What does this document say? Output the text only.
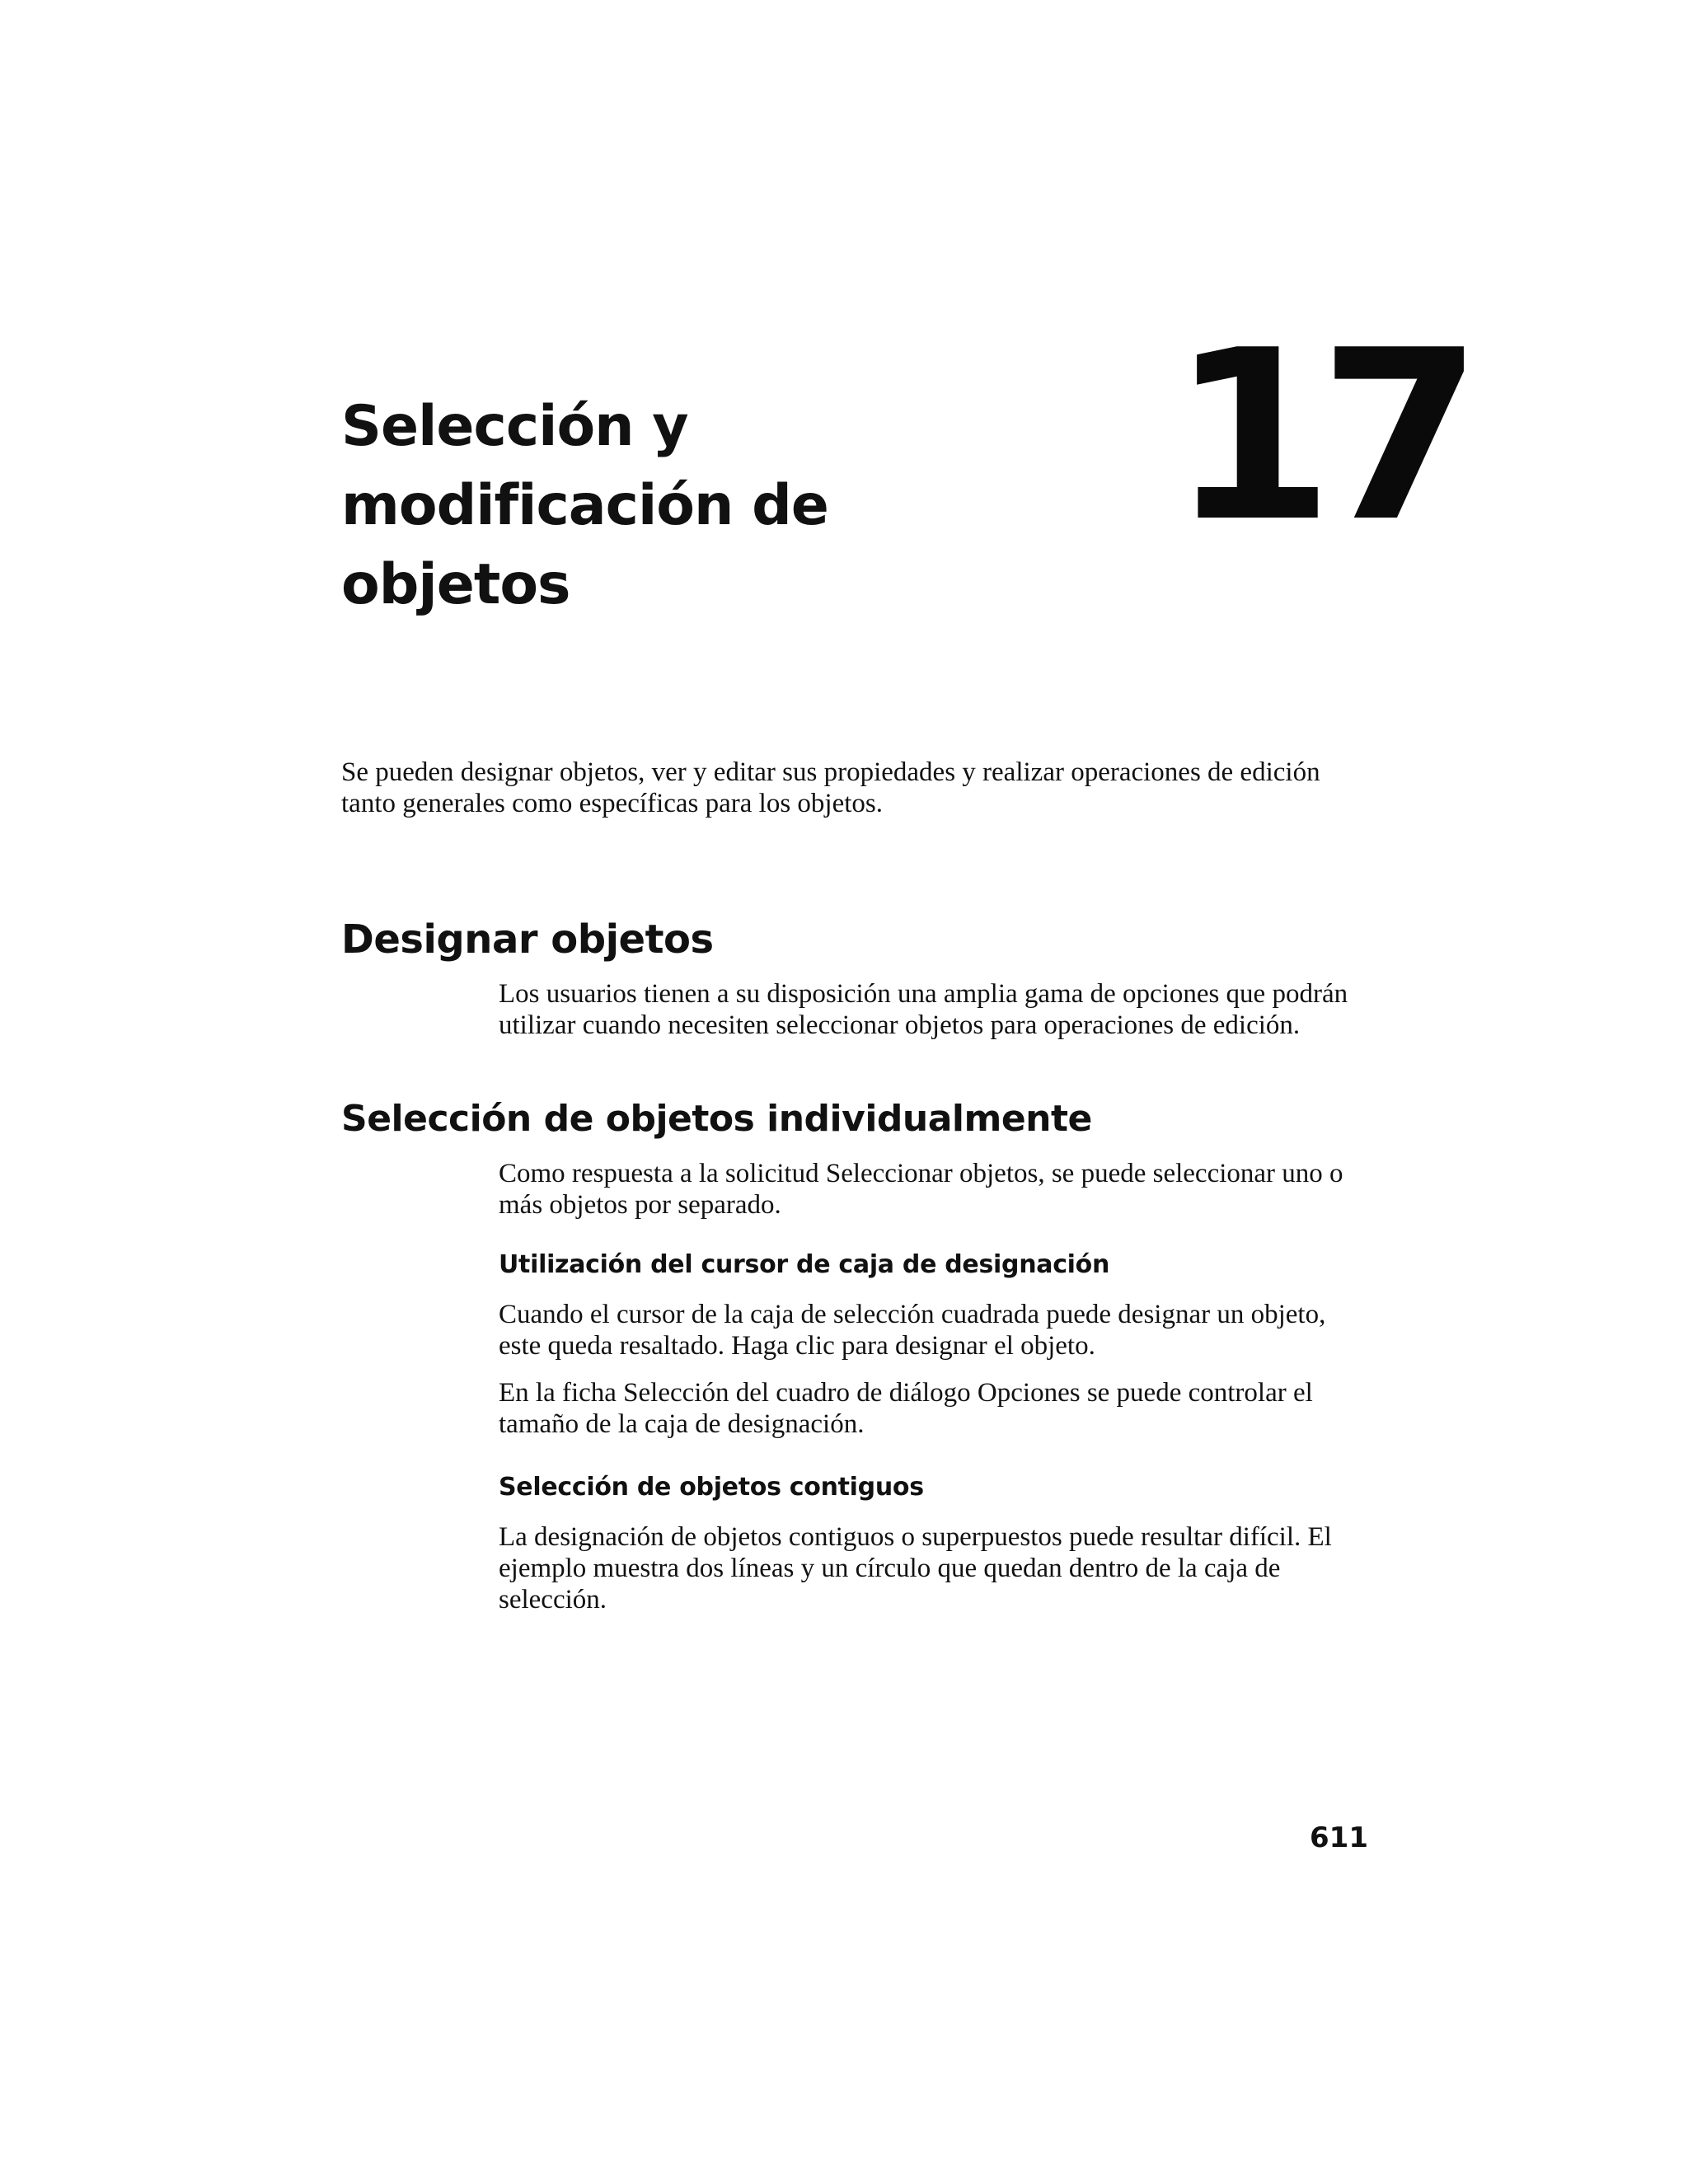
Selección y modificación de
objetos
17

Se pueden designar objetos, ver y editar sus propiedades y realizar operaciones de edición
tanto generales como específicas para los objetos.

Designar objetos

Los usuarios tienen a su disposición una amplia gama de opciones que podrán
utilizar cuando necesiten seleccionar objetos para operaciones de edición.

Selección de objetos individualmente

Como respuesta a la solicitud Seleccionar objetos, se puede seleccionar uno o
más objetos por separado.

Utilización del cursor de caja de designación

Cuando el cursor de la caja de selección cuadrada puede designar un objeto,
este queda resaltado. Haga clic para designar el objeto.

En la ficha Selección del cuadro de diálogo Opciones se puede controlar el
tamaño de la caja de designación.

Selección de objetos contiguos

La designación de objetos contiguos o superpuestos puede resultar difícil. El
ejemplo muestra dos líneas y un círculo que quedan dentro de la caja de
selección.

611
